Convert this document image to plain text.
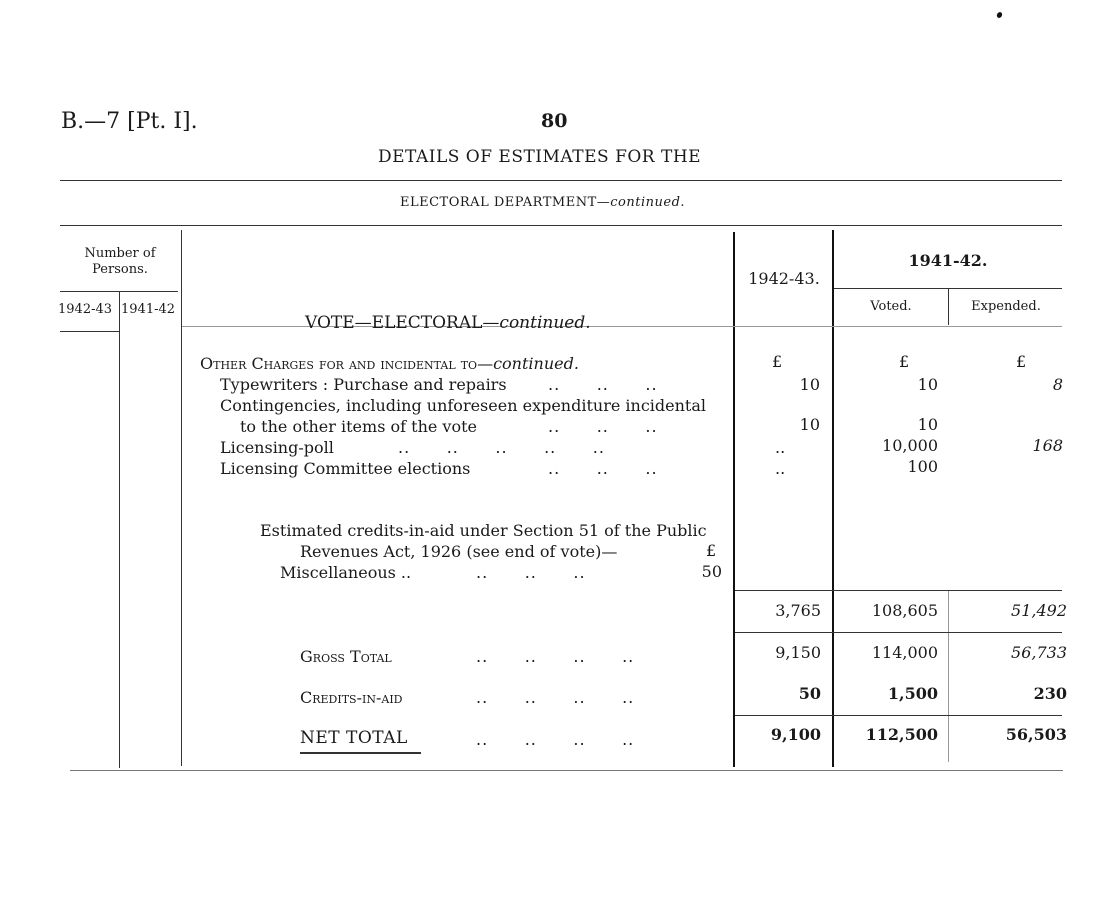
B.—7 [Pt. I].	80
DETAILS OF ESTIMATES FOR THE
ELECTORAL DEPARTMENT—continued.
Number of Persons.
1942-43 1941-42
1942-43.
1941-42.
Voted.	Expended.
VOTE—ELECTORAL—continued.
Other Charges for and incidental to—continued.	£	£	£
Typewriters : Purchase and repairs	..      ..      ..	10	10	8
Contingencies, including unforeseen expenditure incidental
to the other items of the vote	..      ..      ..	10	10
Licensing-poll	..      ..      ..      ..      ..	..	10,000	168
Licensing Committee elections	..      ..      ..	..	100
Estimated credits-in-aid under Section 51 of the Public
Revenues Act, 1926 (see end of vote)—	£
Miscellaneous ..	..      ..      ..	50
3,765	108,605	51,492
Gross Total	..      ..      ..      ..	9,150	114,000	56,733
Credits-in-aid	..      ..      ..      ..	50	1,500	230
NET TOTAL	..      ..      ..      ..	9,100	112,500	56,503
